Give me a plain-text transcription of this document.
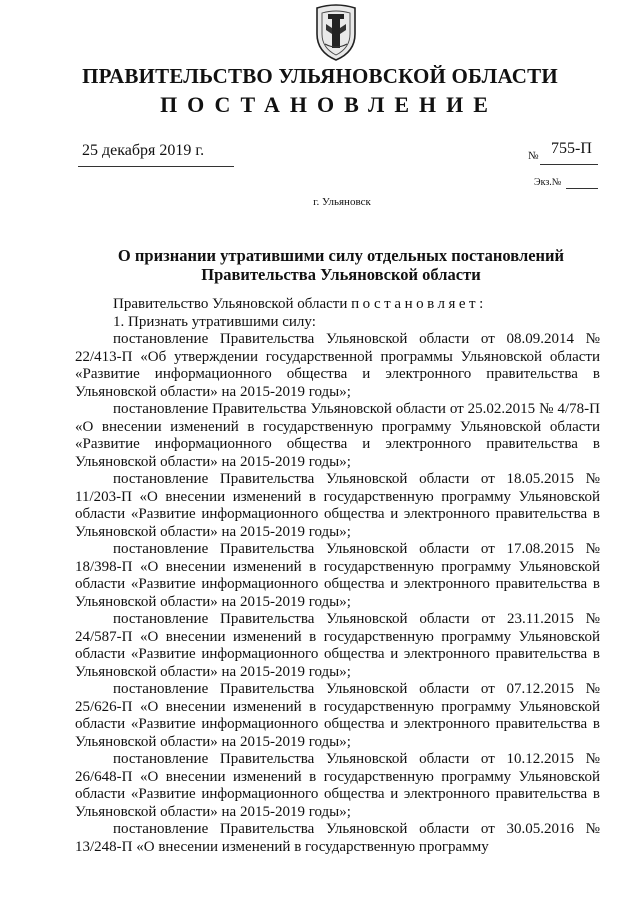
ПРАВИТЕЛЬСТВО УЛЬЯНОВСКОЙ ОБЛАСТИ
ПОСТАНОВЛЕНИЕ
25 декабря 2019 г.	№ 755-П
Экз.№
г. Ульяновск
О признании утратившими силу отдельных постановлений
Правительства Ульяновской области

Правительство Ульяновской области постановляет:

1. Признать утратившими силу:

постановление Правительства Ульяновской области от 08.09.2014 № 22/413-П «Об утверждении государственной программы Ульяновской области «Развитие информационного общества и электронного правительства в Ульяновской области» на 2015-2019 годы»;

постановление Правительства Ульяновской области от 25.02.2015 № 4/78-П «О внесении изменений в государственную программу Ульяновской области «Развитие информационного общества и электронного правительства в Ульяновской области» на 2015-2019 годы»;

постановление Правительства Ульяновской области от 18.05.2015 № 11/203-П «О внесении изменений в государственную программу Ульяновской области «Развитие информационного общества и электронного правительства в Ульяновской области» на 2015-2019 годы»;

постановление Правительства Ульяновской области от 17.08.2015 № 18/398-П «О внесении изменений в государственную программу Ульяновской области «Развитие информационного общества и электронного правительства в Ульяновской области» на 2015-2019 годы»;

постановление Правительства Ульяновской области от 23.11.2015 № 24/587-П «О внесении изменений в государственную программу Ульяновской области «Развитие информационного общества и электронного правительства в Ульяновской области» на 2015-2019 годы»;

постановление Правительства Ульяновской области от 07.12.2015 № 25/626-П «О внесении изменений в государственную программу Ульяновской области «Развитие информационного общества и электронного правительства в Ульяновской области» на 2015-2019 годы»;

постановление Правительства Ульяновской области от 10.12.2015 № 26/648-П «О внесении изменений в государственную программу Ульяновской области «Развитие информационного общества и электронного правительства в Ульяновской области» на 2015-2019 годы»;

постановление Правительства Ульяновской области от 30.05.2016 № 13/248-П «О внесении изменений в государственную программу
